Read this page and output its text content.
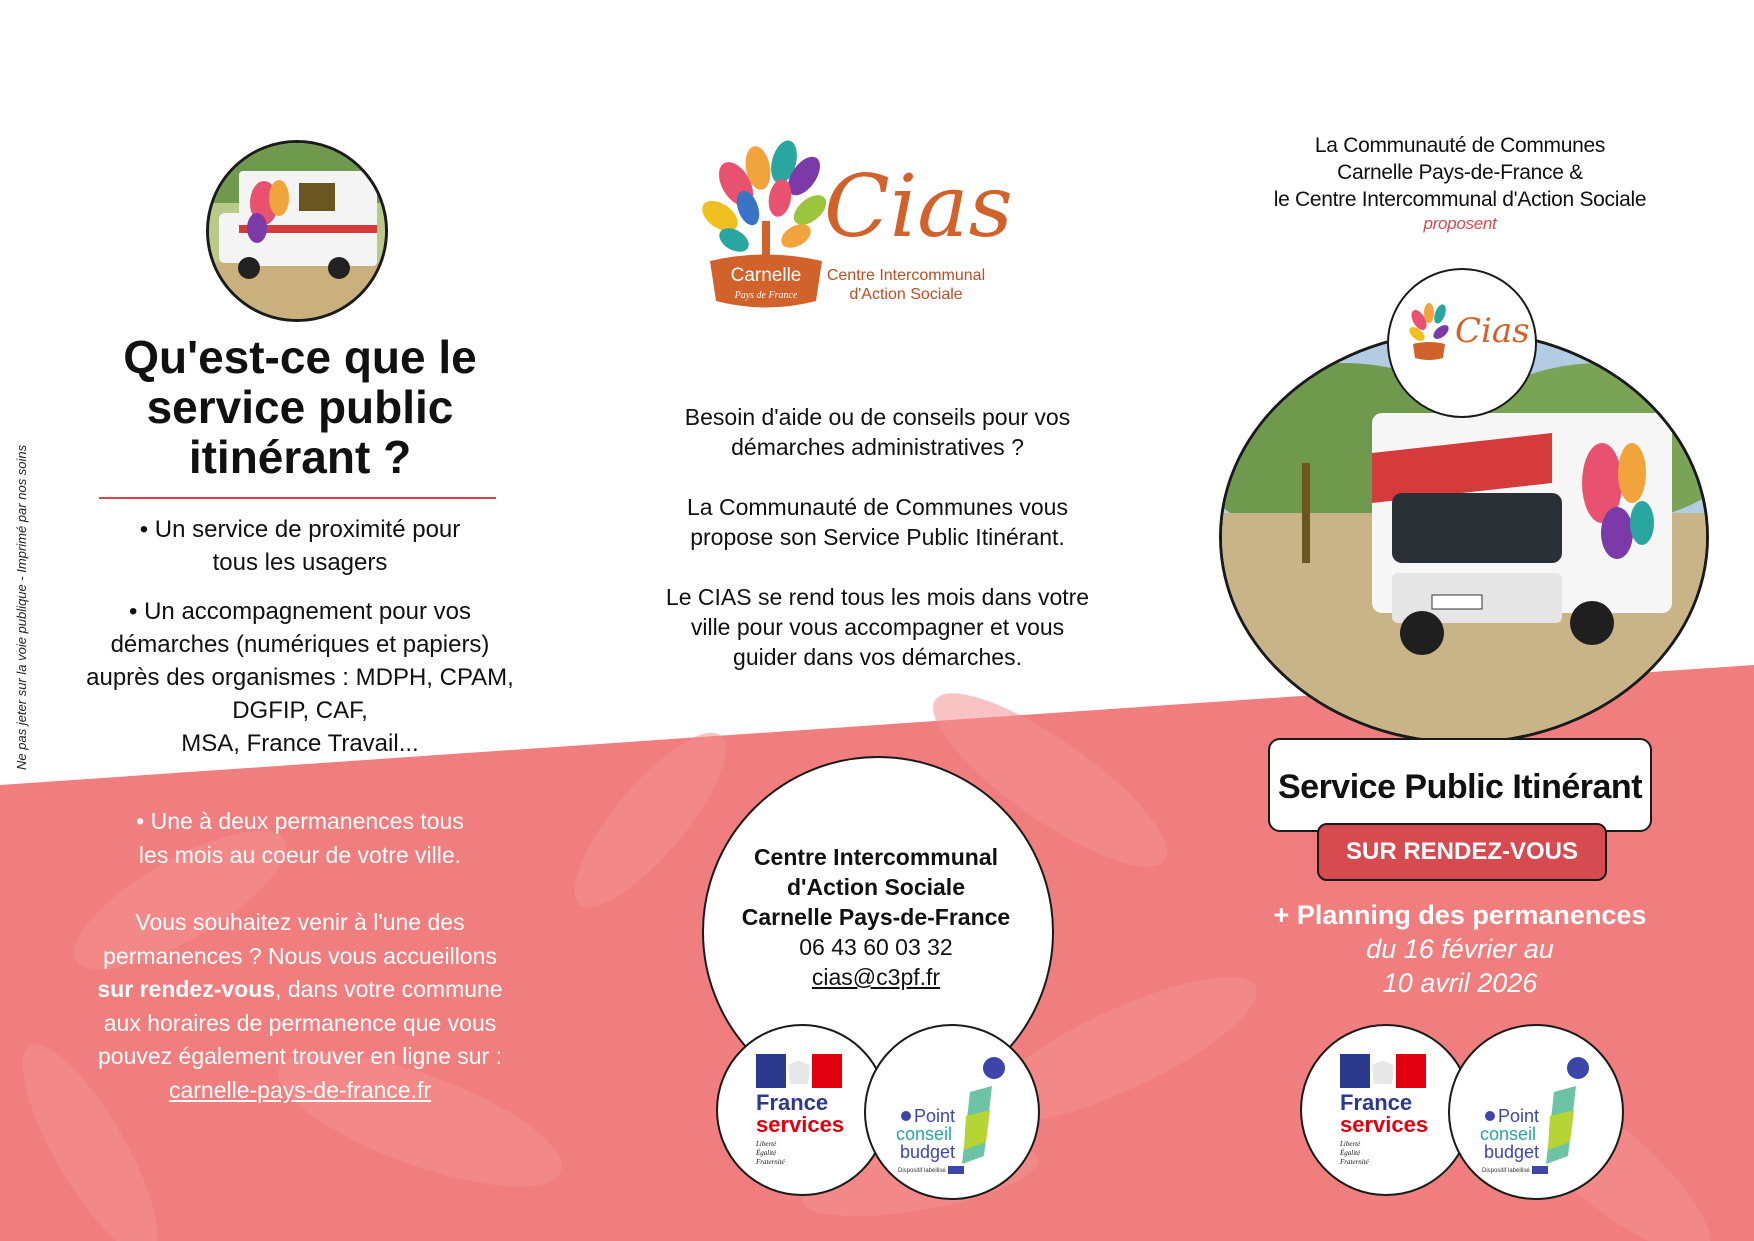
Ne pas jeter sur la voie publique - Imprimé par nos soins
Qu'est-ce que le
service public
itinérant ?
• Un service de proximité pour
tous les usagers
• Un accompagnement pour vos
démarches (numériques et papiers)
auprès des organismes : MDPH, CPAM,
DGFIP, CAF,
MSA, France Travail...
• Une à deux permanences tous
les mois au coeur de votre ville.
Vous souhaitez venir à l'une des
permanences ? Nous vous accueillons
sur rendez-vous, dans votre commune
aux horaires de permanence que vous
pouvez également trouver en ligne sur :
carnelle-pays-de-france.fr
Carnelle
Pays de France
Cias
Centre Intercommunal
d'Action Sociale
Besoin d'aide ou de conseils pour vos
démarches administratives ?
La Communauté de Communes vous
propose son Service Public Itinérant.
Le CIAS se rend tous les mois dans votre
ville pour vous accompagner et vous
guider dans vos démarches.
Centre Intercommunal
d'Action Sociale
Carnelle Pays-de-France
06 43 60 03 32
cias@c3pf.fr
France
services
Liberté
Égalité
Fraternité
Point
conseil
budget
Dispositif labellisé
La Communauté de Communes
Carnelle Pays-de-France &
le Centre Intercommunal d'Action Sociale
proposent
Cias
Service Public Itinérant
SUR RENDEZ-VOUS
+ Planning des permanences
du 16 février au
10 avril 2026
France
services
Liberté
Égalité
Fraternité
Point
conseil
budget
Dispositif labellisé
